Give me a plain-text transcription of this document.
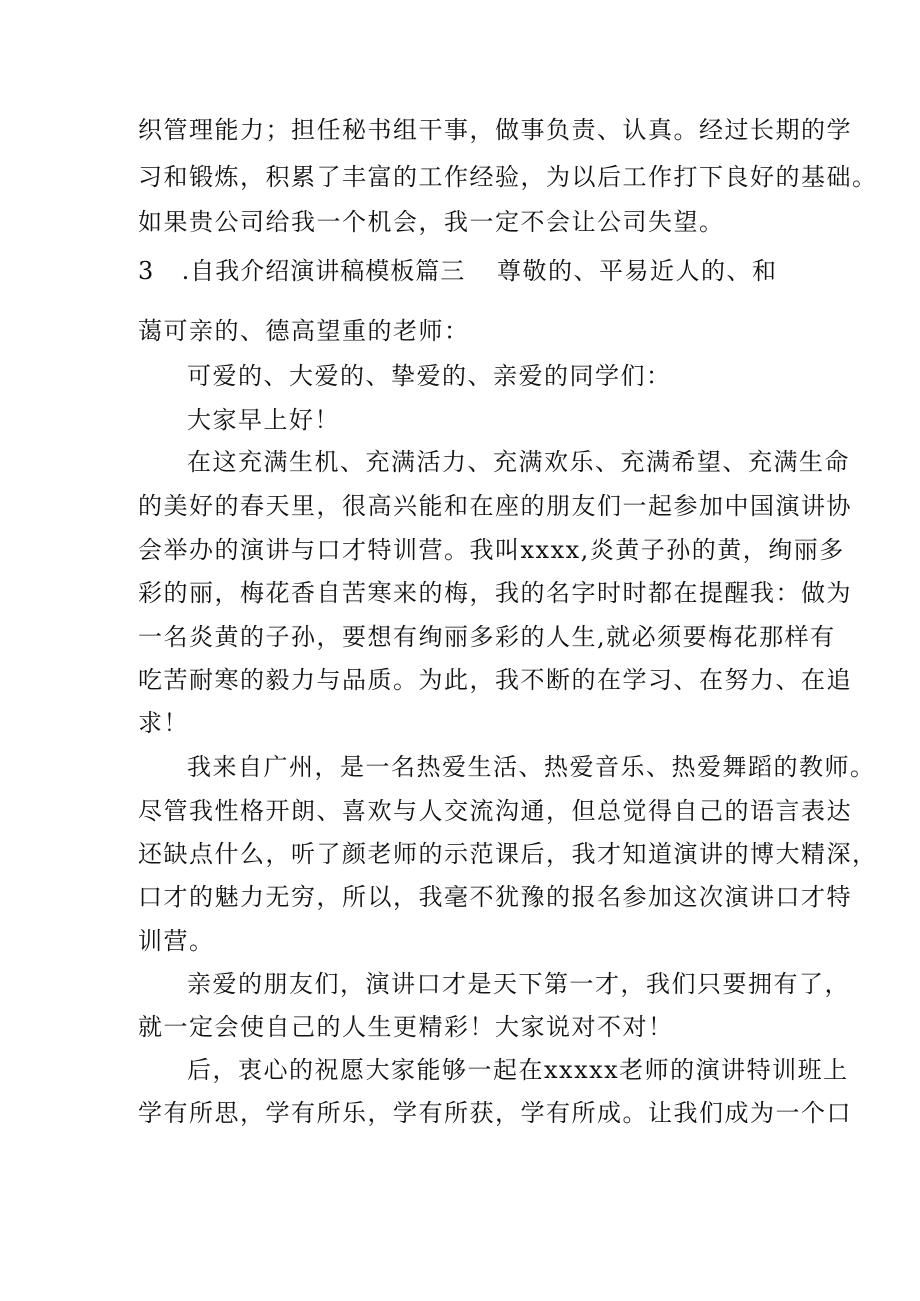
织管理能力；担任秘书组干事，做事负责、认真。经过长期的学
习和锻炼，积累了丰富的工作经验，为以后工作打下良好的基础。
如果贵公司给我一个机会，我一定不会让公司失望。
3 .自我介绍演讲稿模板篇三 尊敬的、平易近人的、和
蔼可亲的、德高望重的老师：
可爱的、大爱的、挚爱的、亲爱的同学们：
大家早上好！
在这充满生机、充满活力、充满欢乐、充满希望、充满生命
的美好的春天里，很高兴能和在座的朋友们一起参加中国演讲协
会举办的演讲与口才特训营。我叫xxxx,炎黄子孙的黄，绚丽多
彩的丽，梅花香自苦寒来的梅，我的名字时时都在提醒我：做为
一名炎黄的子孙，要想有绚丽多彩的人生,就必须要梅花那样有
吃苦耐寒的毅力与品质。为此，我不断的在学习、在努力、在追
求！
我来自广州，是一名热爱生活、热爱音乐、热爱舞蹈的教师。
尽管我性格开朗、喜欢与人交流沟通，但总觉得自己的语言表达
还缺点什么，听了颜老师的示范课后，我才知道演讲的博大精深，
口才的魅力无穷，所以，我毫不犹豫的报名参加这次演讲口才特
训营。
亲爱的朋友们，演讲口才是天下第一才，我们只要拥有了，
就一定会使自己的人生更精彩！大家说对不对！
后，衷心的祝愿大家能够一起在xxxxx老师的演讲特训班上
学有所思，学有所乐，学有所获，学有所成。让我们成为一个口
